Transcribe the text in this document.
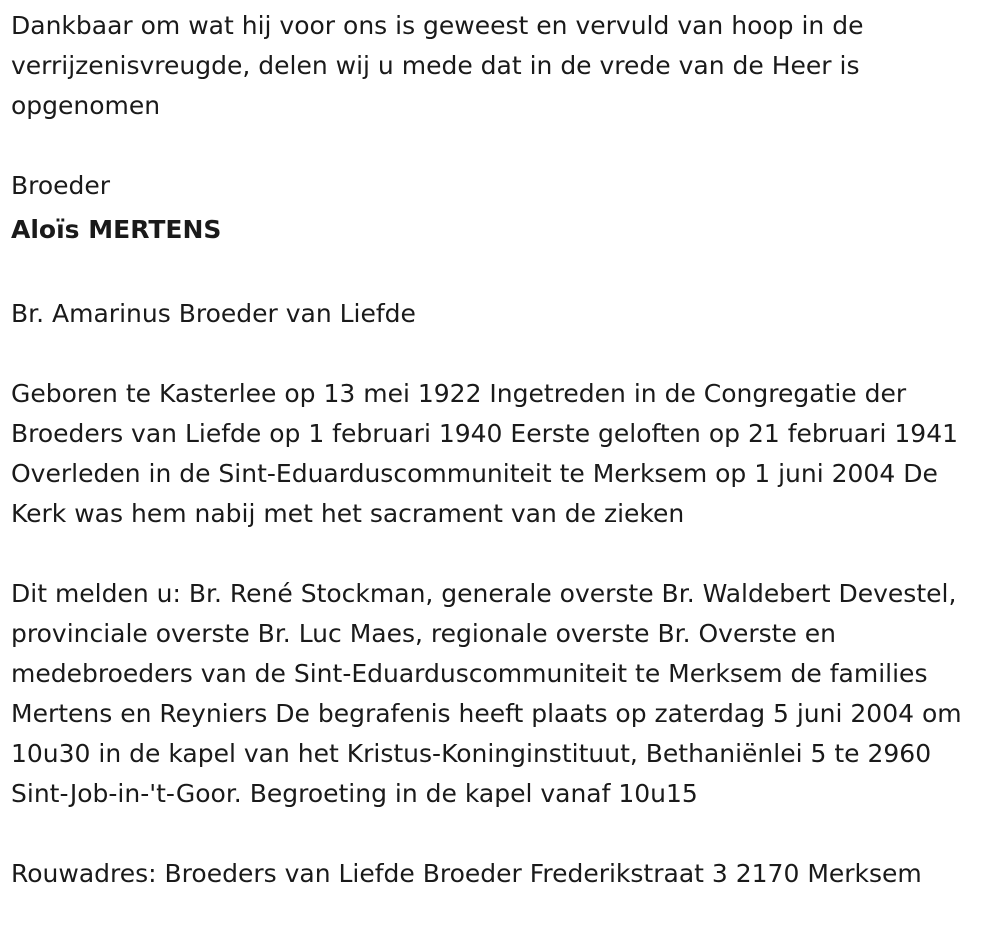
Dankbaar om wat hij voor ons is geweest en vervuld van hoop in de verrijzenisvreugde, delen wij u mede dat in de vrede van de Heer is opgenomen

Broeder

Aloïs MERTENS

Br. Amarinus Broeder van Liefde

Geboren te Kasterlee op 13 mei 1922 Ingetreden in de Congregatie der Broeders van Liefde op 1 februari 1940 Eerste geloften op 21 februari 1941 Overleden in de Sint-Eduarduscommuniteit te Merksem op 1 juni 2004 De Kerk was hem nabij met het sacrament van de zieken

Dit melden u: Br. René Stockman, generale overste Br. Waldebert Devestel, provinciale overste Br. Luc Maes, regionale overste Br. Overste en medebroeders van de Sint-Eduarduscommuniteit te Merksem de families Mertens en Reyniers De begrafenis heeft plaats op zaterdag 5 juni 2004 om 10u30 in de kapel van het Kristus-Koninginstituut, Bethaniënlei 5 te 2960 Sint-Job-in-'t-Goor. Begroeting in de kapel vanaf 10u15

Rouwadres: Broeders van Liefde Broeder Frederikstraat 3 2170 Merksem
